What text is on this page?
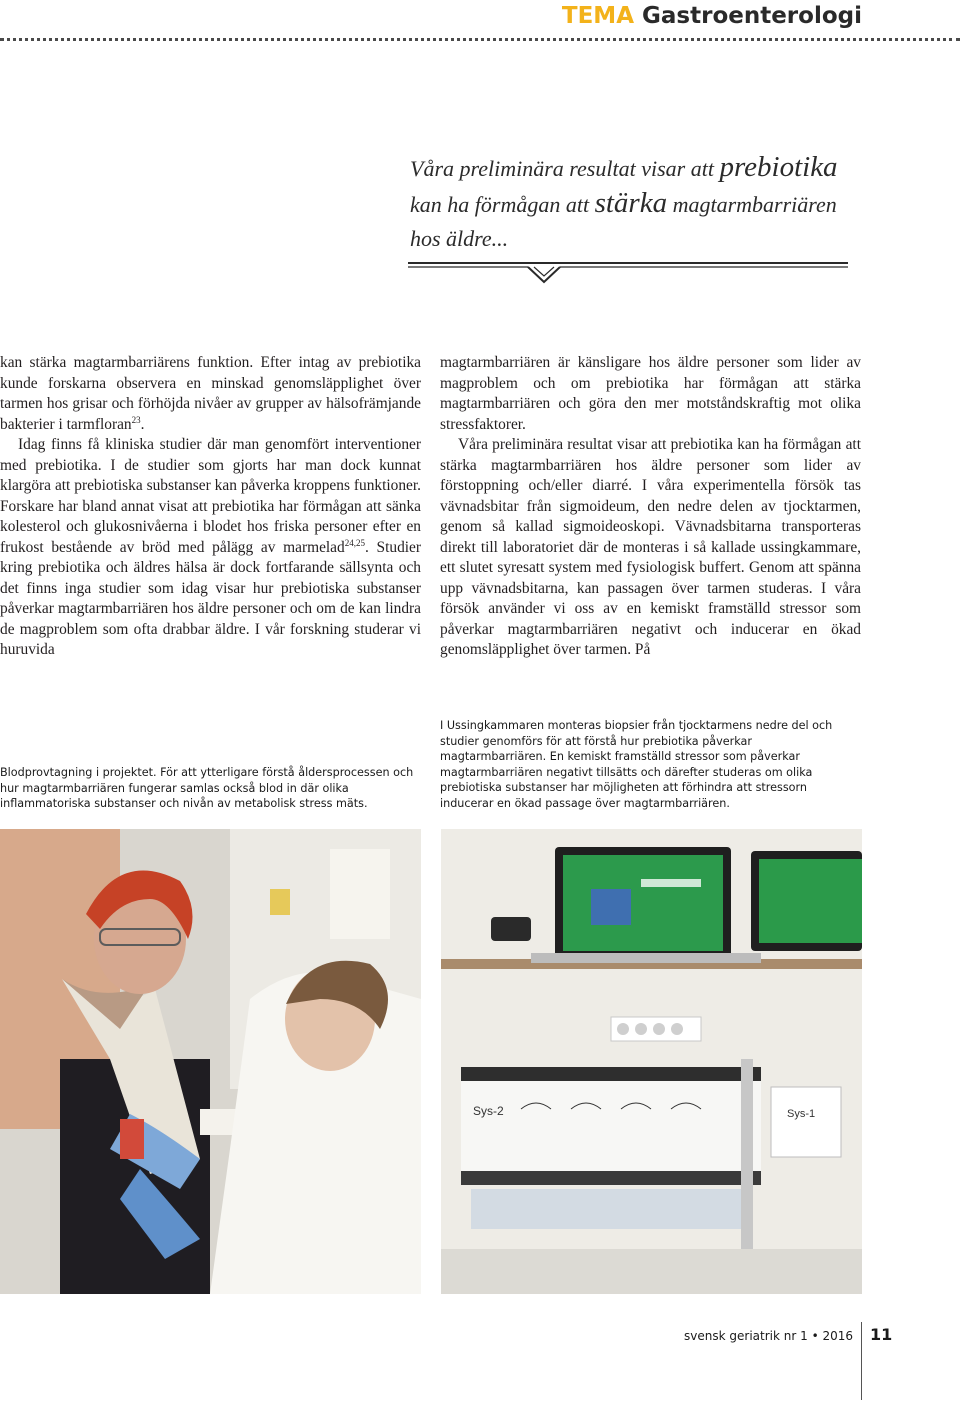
TEMA Gastroenterologi
Våra preliminära resultat visar att prebiotika
kan ha förmågan att stärka magtarmbarriären
hos äldre...

kan stärka magtarmbarriärens funktion. Efter intag av prebiotika kunde forskarna observera en minskad genomsläpplighet över tarmen hos grisar och förhöjda nivåer av grupper av hälsofrämjande bakterier i tarmfloran$^{23}$.

Idag finns få kliniska studier där man genomfört interventioner med prebiotika. I de studier som gjorts har man dock kunnat klargöra att prebiotiska substanser kan påverka kroppens funktioner. Forskare har bland annat visat att prebiotika har förmågan att sänka kolesterol och glukosnivåerna i blodet hos friska personer efter en frukost bestående av bröd med pålägg av marmelad$^{24,25}$. Studier kring prebiotika och äldres hälsa är dock fortfarande sällsynta och det finns inga studier som idag visar hur prebiotiska substanser påverkar magtarmbarriären hos äldre personer och om de kan lindra de magproblem som ofta drabbar äldre. I vår forskning studerar vi huruvida

magtarmbarriären är känsligare hos äldre personer som lider av magproblem och om prebiotika har förmågan att stärka magtarmbarriären och göra den mer motståndskraftig mot olika stressfaktorer.

Våra preliminära resultat visar att prebiotika kan ha förmågan att stärka magtarmbarriären hos äldre personer som lider av förstoppning och/eller diarré. I våra experimentella försök tas vävnadsbitar från sigmoideum, den nedre delen av tjocktarmen, genom så kallad sigmoideoskopi. Vävnadsbitarna transporteras direkt till laboratoriet där de monteras i så kallade ussingkammare, ett slutet syresatt system med fysiologisk buffert. Genom att spänna upp vävnadsbitarna, kan passagen över tarmen studeras. I våra försök använder vi oss av en kemiskt framställd stressor som påverkar magtarmbarriären negativt och inducerar en ökad genomsläpplighet över tarmen. På

Blodprovtagning i projektet. För att ytterligare förstå åldersprocessen och hur magtarmbarriären fungerar samlas också blod in där olika inflammatoriska substanser och nivån av metabolisk stress mäts.
I Ussingkammaren monteras biopsier från tjocktarmens nedre del och studier genomförs för att förstå hur prebiotika påverkar magtarmbarriären. En kemiskt framställd stressor som påverkar magtarmbarriären negativt tillsätts och därefter studeras om olika prebiotiska substanser har möjligheten att förhindra att stressorn inducerar en ökad passage över magtarmbarriären.
Sys-2	Sys-1
svensk geriatrik nr 1 • 2016 11
